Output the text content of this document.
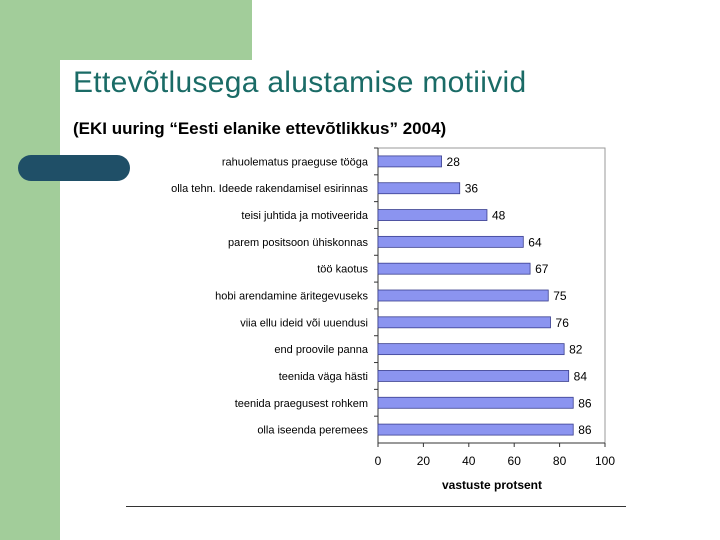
Ettevõtlusega alustamise motiivid

(EKI uuring “Eesti elanike ettevõtlikkus” 2004)

28
36
48
64
67
75
76
82
84
86
86
rahuolematus praeguse tööga
olla tehn. Ideede rakendamisel esirinnas
teisi juhtida ja motiveerida
parem positsoon ühiskonnas
töö kaotus
hobi arendamine äritegevuseks
viia ellu ideid või uuendusi
end proovile panna
teenida väga hästi
teenida praegusest rohkem
olla iseenda peremees
0	20	40	60	80 100
vastuste protsent
